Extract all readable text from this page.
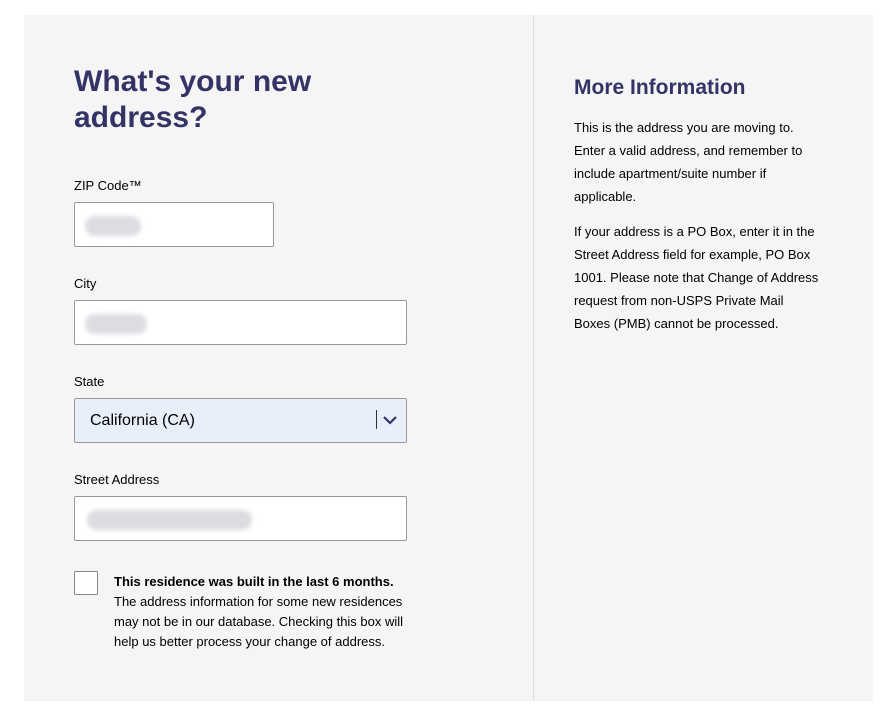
What's your new address?
ZIP Code™
City
State
California (CA)
Street Address
This residence was built in the last 6 months. The address information for some new residences may not be in our database. Checking this box will help us better process your change of address.
More Information

This is the address you are moving to. Enter a valid address, and remember to include apartment/suite number if applicable.

If your address is a PO Box, enter it in the Street Address field for example, PO Box 1001. Please note that Change of Address request from non-USPS Private Mail Boxes (PMB) cannot be processed.
